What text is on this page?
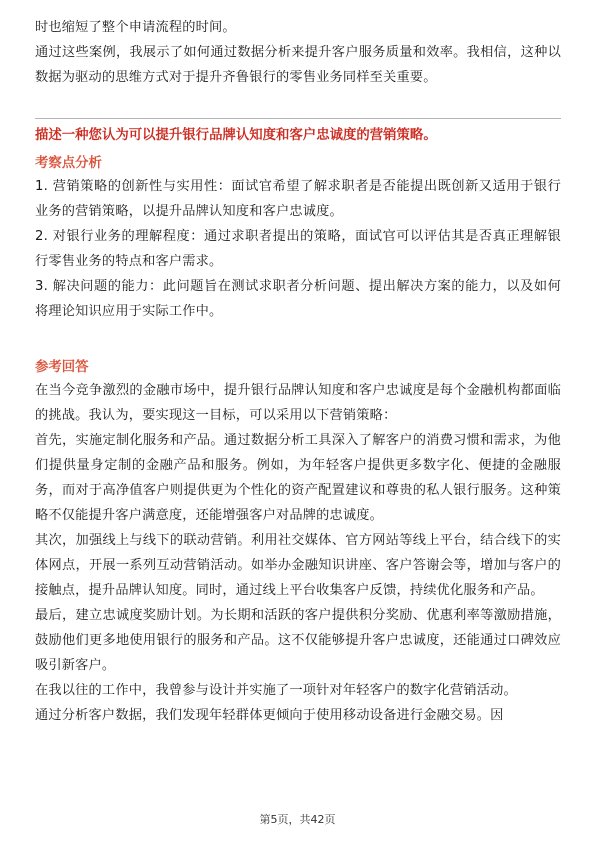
时也缩短了整个申请流程的时间。

通过这些案例，我展示了如何通过数据分析来提升客户服务质量和效率。我相信，这种以数据为驱动的思维方式对于提升齐鲁银行的零售业务同样至关重要。

描述一种您认为可以提升银行品牌认知度和客户忠诚度的营销策略。
考察点分析

1. 营销策略的创新性与实用性：面试官希望了解求职者是否能提出既创新又适用于银行业务的营销策略，以提升品牌认知度和客户忠诚度。

2. 对银行业务的理解程度：通过求职者提出的策略，面试官可以评估其是否真正理解银行零售业务的特点和客户需求。

3. 解决问题的能力：此问题旨在测试求职者分析问题、提出解决方案的能力，以及如何将理论知识应用于实际工作中。

参考回答

在当今竞争激烈的金融市场中，提升银行品牌认知度和客户忠诚度是每个金融机构都面临的挑战。我认为，要实现这一目标，可以采用以下营销策略：

首先，实施定制化服务和产品。通过数据分析工具深入了解客户的消费习惯和需求，为他们提供量身定制的金融产品和服务。例如，为年轻客户提供更多数字化、便捷的金融服务，而对于高净值客户则提供更为个性化的资产配置建议和尊贵的私人银行服务。这种策略不仅能提升客户满意度，还能增强客户对品牌的忠诚度。

其次，加强线上与线下的联动营销。利用社交媒体、官方网站等线上平台，结合线下的实体网点，开展一系列互动营销活动。如举办金融知识讲座、客户答谢会等，增加与客户的接触点，提升品牌认知度。同时，通过线上平台收集客户反馈，持续优化服务和产品。

最后，建立忠诚度奖励计划。为长期和活跃的客户提供积分奖励、优惠利率等激励措施，鼓励他们更多地使用银行的服务和产品。这不仅能够提升客户忠诚度，还能通过口碑效应吸引新客户。

在我以往的工作中，我曾参与设计并实施了一项针对年轻客户的数字化营销活动。

通过分析客户数据，我们发现年轻群体更倾向于使用移动设备进行金融交易。因

第5页，共42页
